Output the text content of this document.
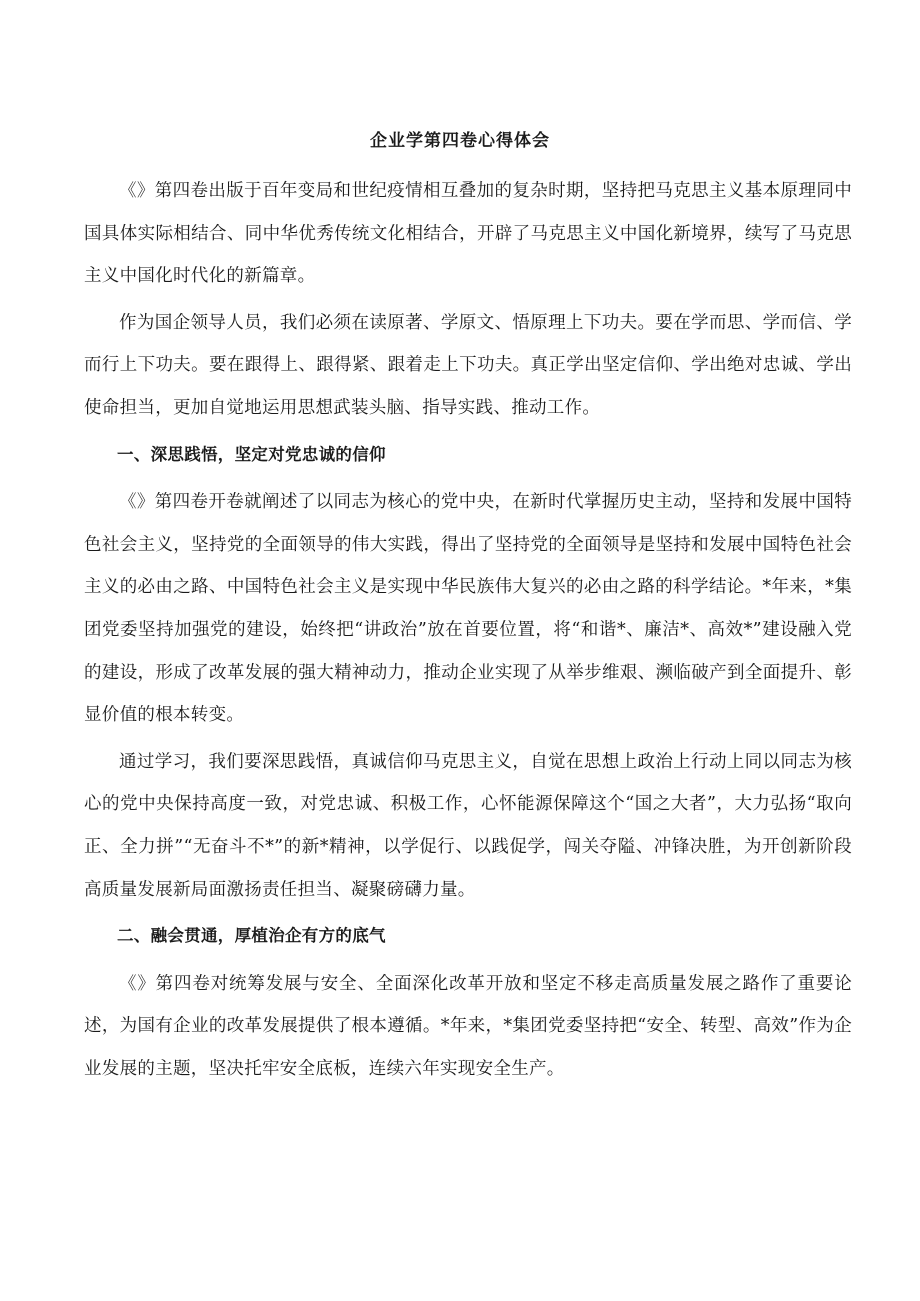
企业学第四卷心得体会

《》第四卷出版于百年变局和世纪疫情相互叠加的复杂时期，坚持把马克思主义基本原理同中国具体实际相结合、同中华优秀传统文化相结合，开辟了马克思主义中国化新境界，续写了马克思主义中国化时代化的新篇章。

作为国企领导人员，我们必须在读原著、学原文、悟原理上下功夫。要在学而思、学而信、学而行上下功夫。要在跟得上、跟得紧、跟着走上下功夫。真正学出坚定信仰、学出绝对忠诚、学出使命担当，更加自觉地运用思想武装头脑、指导实践、推动工作。

一、深思践悟，坚定对党忠诚的信仰

《》第四卷开卷就阐述了以同志为核心的党中央，在新时代掌握历史主动，坚持和发展中国特色社会主义，坚持党的全面领导的伟大实践，得出了坚持党的全面领导是坚持和发展中国特色社会主义的必由之路、中国特色社会主义是实现中华民族伟大复兴的必由之路的科学结论。*年来，*集团党委坚持加强党的建设，始终把“讲政治”放在首要位置，将“和谐*、廉洁*、高效*”建设融入党的建设，形成了改革发展的强大精神动力，推动企业实现了从举步维艰、濒临破产到全面提升、彰显价值的根本转变。

通过学习，我们要深思践悟，真诚信仰马克思主义，自觉在思想上政治上行动上同以同志为核心的党中央保持高度一致，对党忠诚、积极工作，心怀能源保障这个“国之大者”，大力弘扬“取向正、全力拼”“无奋斗不*”的新*精神，以学促行、以践促学，闯关夺隘、冲锋决胜，为开创新阶段高质量发展新局面激扬责任担当、凝聚磅礴力量。

二、融会贯通，厚植治企有方的底气

《》第四卷对统筹发展与安全、全面深化改革开放和坚定不移走高质量发展之路作了重要论述，为国有企业的改革发展提供了根本遵循。*年来，*集团党委坚持把“安全、转型、高效”作为企业发展的主题，坚决托牢安全底板，连续六年实现安全生产。
